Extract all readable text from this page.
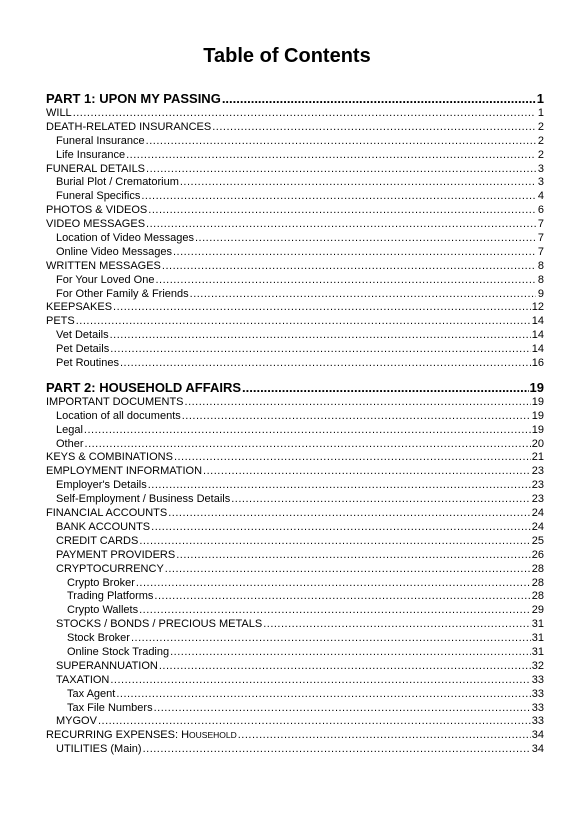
Table of Contents
PART 1: UPON MY PASSING .....	1
WILL .....	1
DEATH-RELATED INSURANCES .....	2
Funeral Insurance .....	2
Life Insurance .....	2
FUNERAL DETAILS .....	3
Burial Plot / Crematorium .....	3
Funeral Specifics .....	4
PHOTOS & VIDEOS .....	6
VIDEO MESSAGES .....	7
Location of Video Messages .....	7
Online Video Messages .....	7
WRITTEN MESSAGES .....	8
For Your Loved One .....	8
For Other Family & Friends .....	9
KEEPSAKES .....	12
PETS .....	14
Vet Details .....	14
Pet Details .....	14
Pet Routines .....	16
PART 2: HOUSEHOLD AFFAIRS .....	19
IMPORTANT DOCUMENTS .....	19
Location of all documents .....	19
Legal .....	19
Other .....	20
KEYS & COMBINATIONS .....	21
EMPLOYMENT INFORMATION .....	23
Employer's Details .....	23
Self-Employment / Business Details .....	23
FINANCIAL ACCOUNTS .....	24
BANK ACCOUNTS .....	24
CREDIT CARDS .....	25
PAYMENT PROVIDERS .....	26
CRYPTOCURRENCY .....	28
Crypto Broker .....	28
Trading Platforms .....	28
Crypto Wallets .....	29
STOCKS / BONDS / PRECIOUS METALS .....	31
Stock Broker .....	31
Online Stock Trading .....	31
SUPERANNUATION .....	32
TAXATION .....	33
Tax Agent .....	33
Tax File Numbers .....	33
MYGOV .....	33
RECURRING EXPENSES: HOUSEHOLD .....	34
UTILITIES (Main) .....	34
